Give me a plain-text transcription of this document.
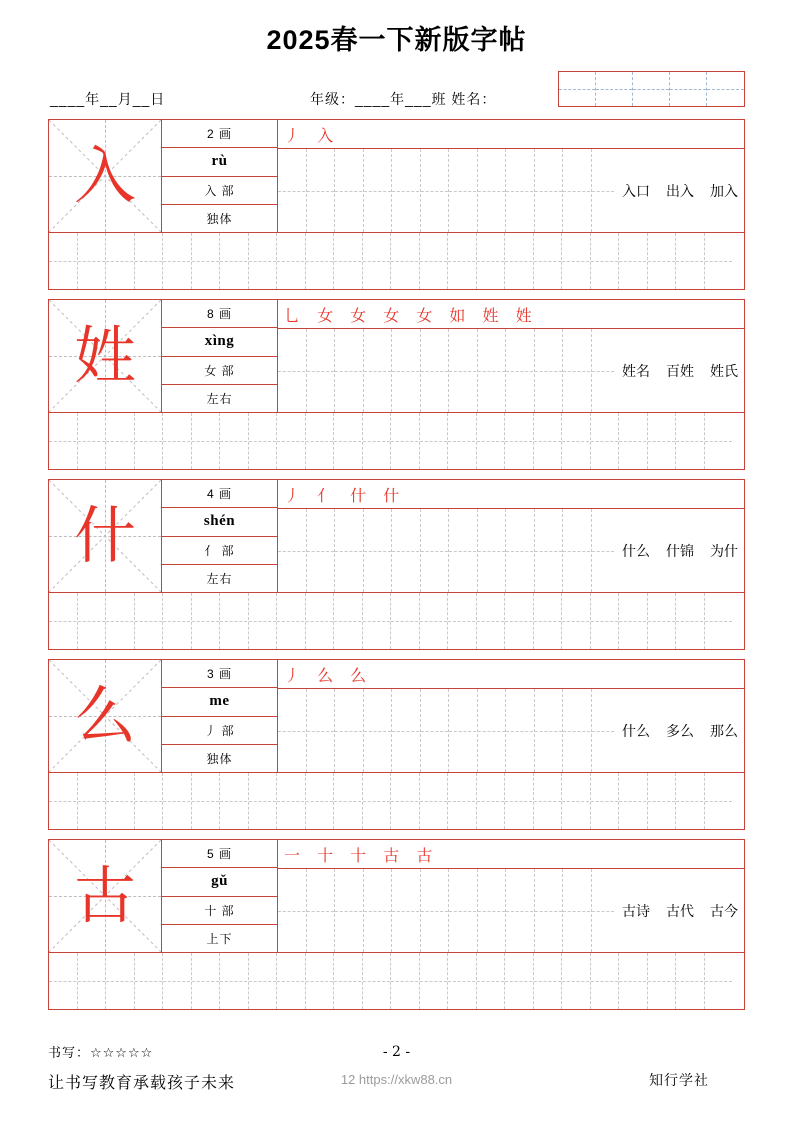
2025春一下新版字帖
____年__月__日	年级：____年___班 姓名：
入
2 画
rù
入 部
独体
丿 入
入口 出入 加入
姓
8 画
xìng
女 部
左右
乚 女 女 女 女 如 姓 姓
姓名 百姓 姓氏
什
4 画
shén
亻 部
左右
丿 亻 什 什
什么 什锦 为什
么
3 画
me
丿 部
独体
丿 么 么
什么 多么 那么
古
5 画
gǔ
十 部
上下
一 十 十 古 古
古诗 古代 古今
书写：☆☆☆☆☆
让书写教育承载孩子未来
- 2 -
12 https://xkw88.cn	知行学社
